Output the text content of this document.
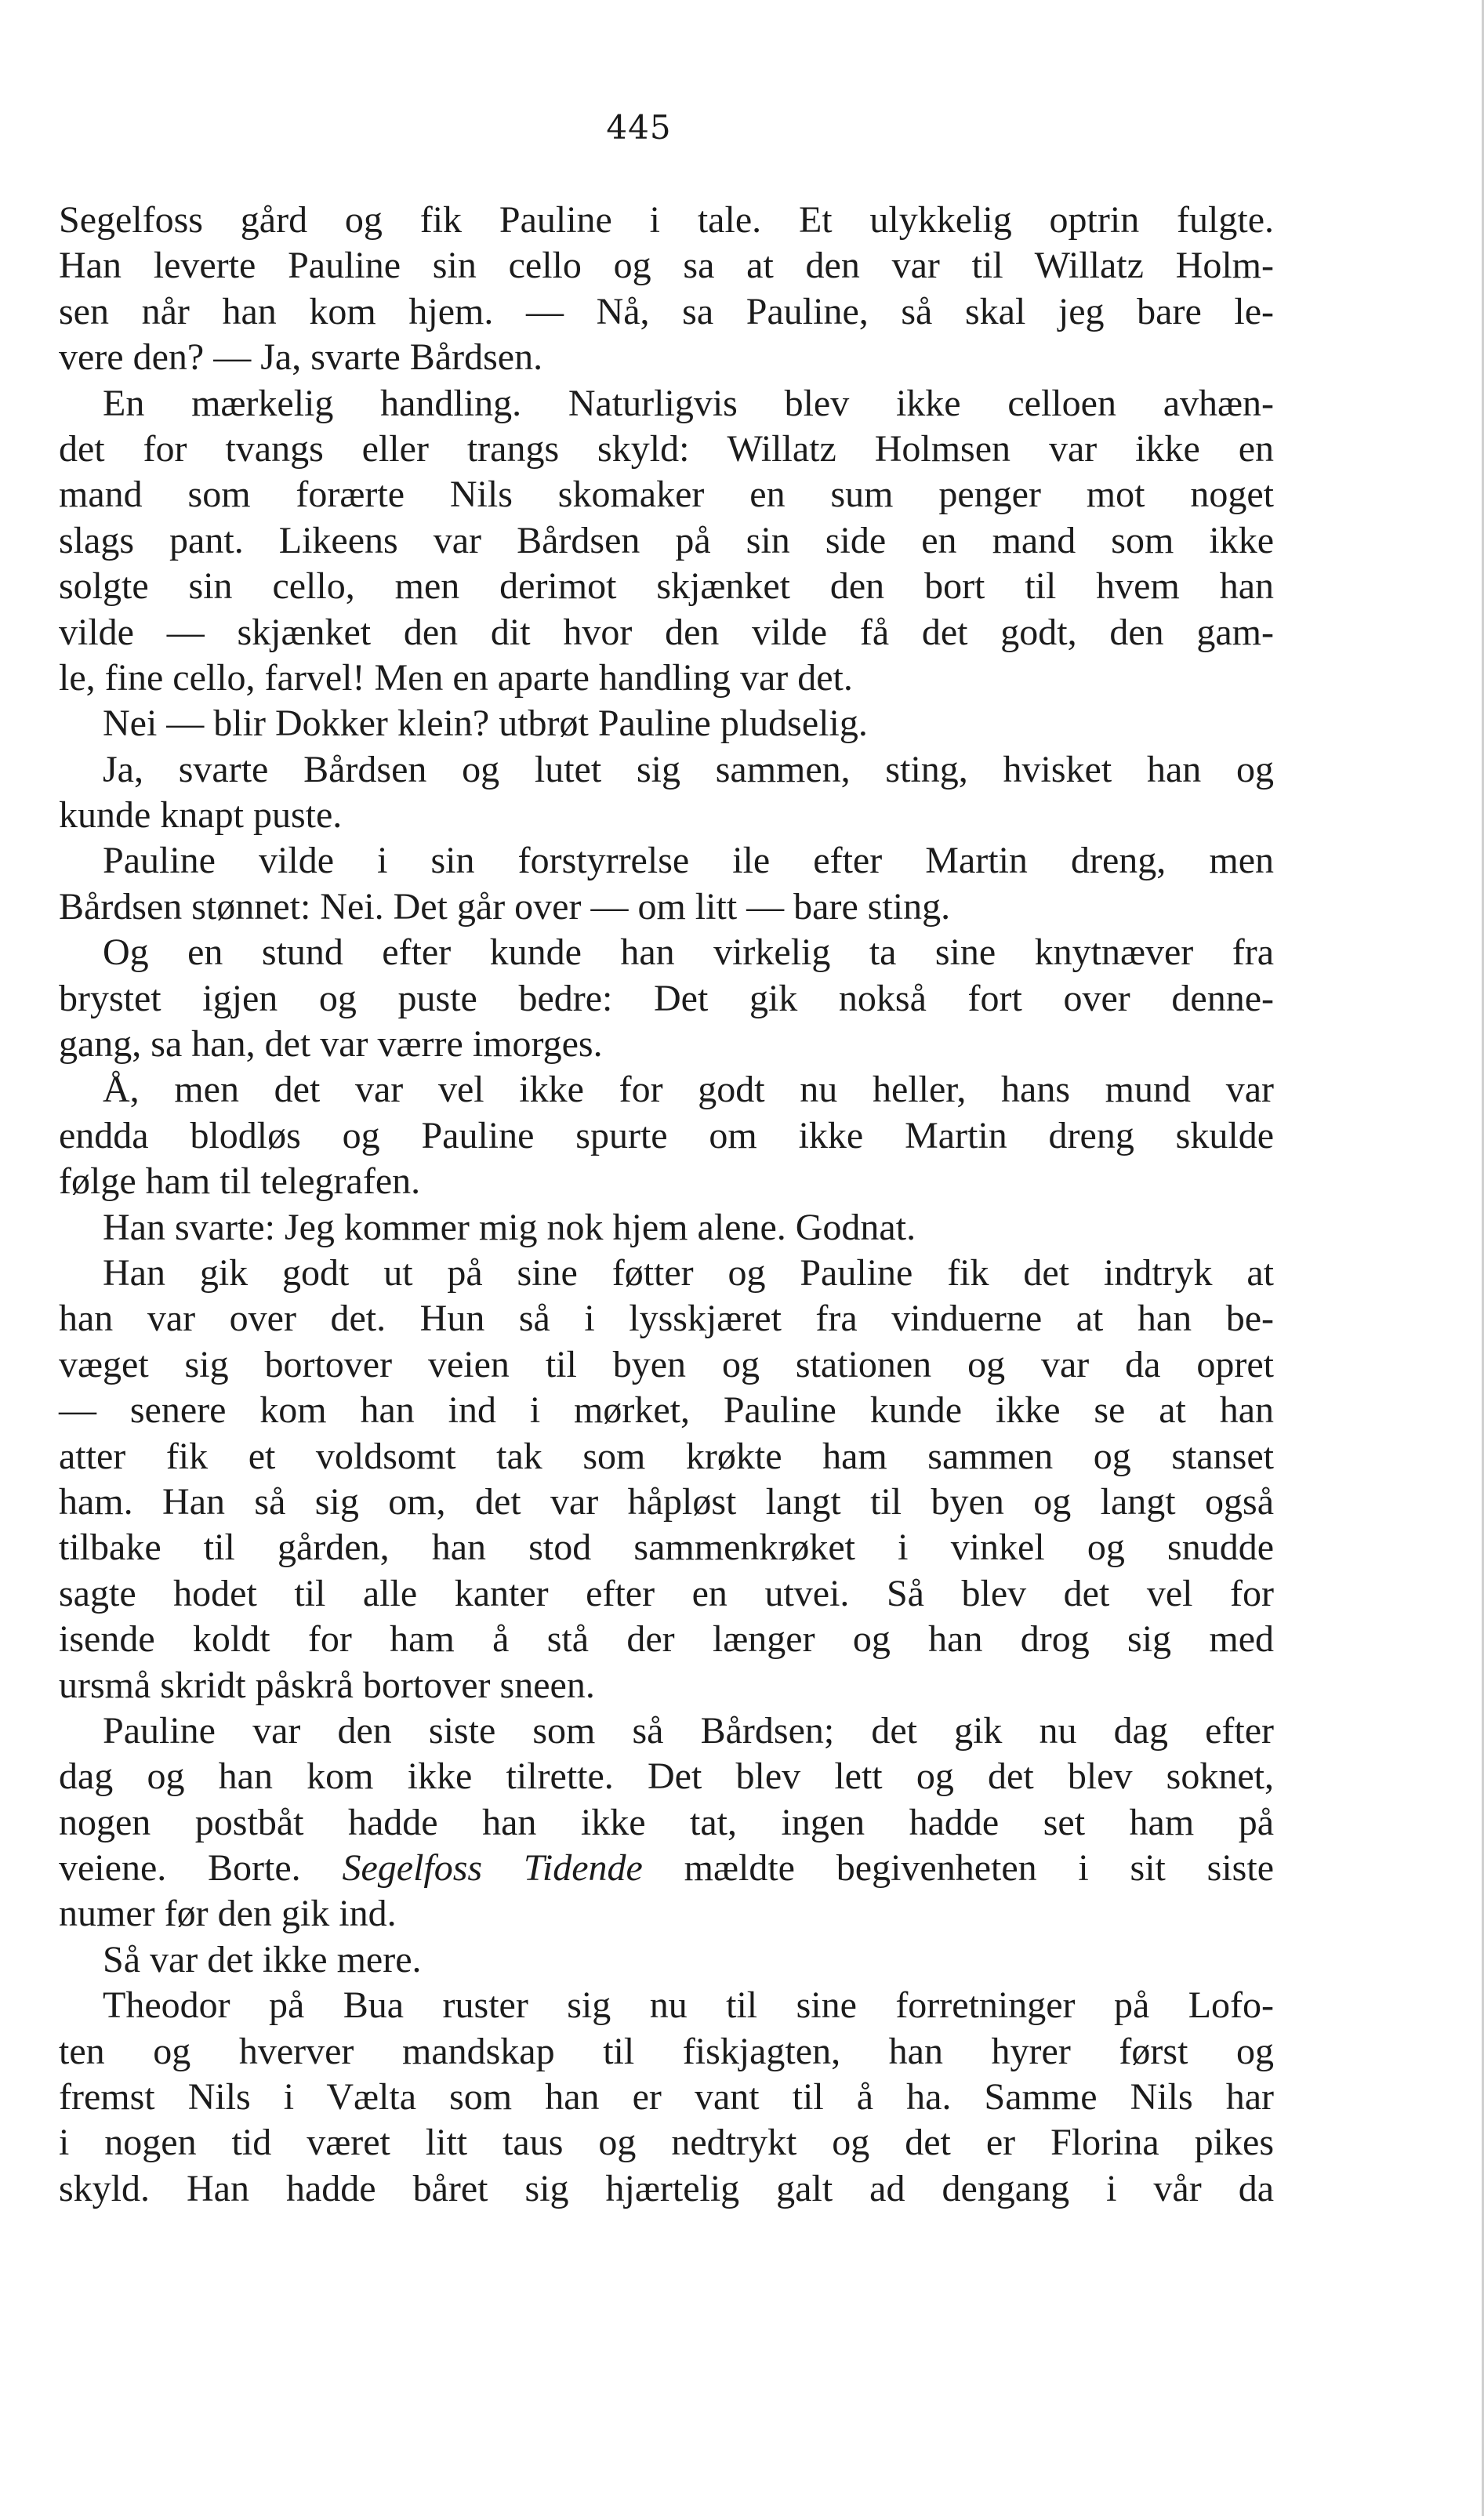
445
Segelfoss gård og fik Pauline i tale. Et ulykkelig optrin fulgte.
Han leverte Pauline sin cello og sa at den var til Willatz Holm-
sen når han kom hjem. — Nå, sa Pauline, så skal jeg bare le-
vere den? — Ja, svarte Bårdsen.
En mærkelig handling. Naturligvis blev ikke celloen avhæn-
det for tvangs eller trangs skyld: Willatz Holmsen var ikke en
mand som forærte Nils skomaker en sum penger mot noget
slags pant. Likeens var Bårdsen på sin side en mand som ikke
solgte sin cello, men derimot skjænket den bort til hvem han
vilde — skjænket den dit hvor den vilde få det godt, den gam-
le, fine cello, farvel! Men en aparte handling var det.
Nei — blir Dokker klein? utbrøt Pauline pludselig.
Ja, svarte Bårdsen og lutet sig sammen, sting, hvisket han og
kunde knapt puste.
Pauline vilde i sin forstyrrelse ile efter Martin dreng, men
Bårdsen stønnet: Nei. Det går over — om litt — bare sting.
Og en stund efter kunde han virkelig ta sine knytnæver fra
brystet igjen og puste bedre: Det gik nokså fort over denne-
gang, sa han, det var værre imorges.
Å, men det var vel ikke for godt nu heller, hans mund var
endda blodløs og Pauline spurte om ikke Martin dreng skulde
følge ham til telegrafen.
Han svarte: Jeg kommer mig nok hjem alene. Godnat.
Han gik godt ut på sine føtter og Pauline fik det indtryk at
han var over det. Hun så i lysskjæret fra vinduerne at han be-
væget sig bortover veien til byen og stationen og var da opret
— senere kom han ind i mørket, Pauline kunde ikke se at han
atter fik et voldsomt tak som krøkte ham sammen og stanset
ham. Han så sig om, det var håpløst langt til byen og langt også
tilbake til gården, han stod sammenkrøket i vinkel og snudde
sagte hodet til alle kanter efter en utvei. Så blev det vel for
isende koldt for ham å stå der længer og han drog sig med
ursmå skridt påskrå bortover sneen.
Pauline var den siste som så Bårdsen; det gik nu dag efter
dag og han kom ikke tilrette. Det blev lett og det blev soknet,
nogen postbåt hadde han ikke tat, ingen hadde set ham på
veiene. Borte. Segelfoss Tidende mældte begivenheten i sit siste
numer før den gik ind.
Så var det ikke mere.
Theodor på Bua ruster sig nu til sine forretninger på Lofo-
ten og hverver mandskap til fiskjagten, han hyrer først og
fremst Nils i Vælta som han er vant til å ha. Samme Nils har
i nogen tid været litt taus og nedtrykt og det er Florina pikes
skyld. Han hadde båret sig hjærtelig galt ad dengang i vår da
